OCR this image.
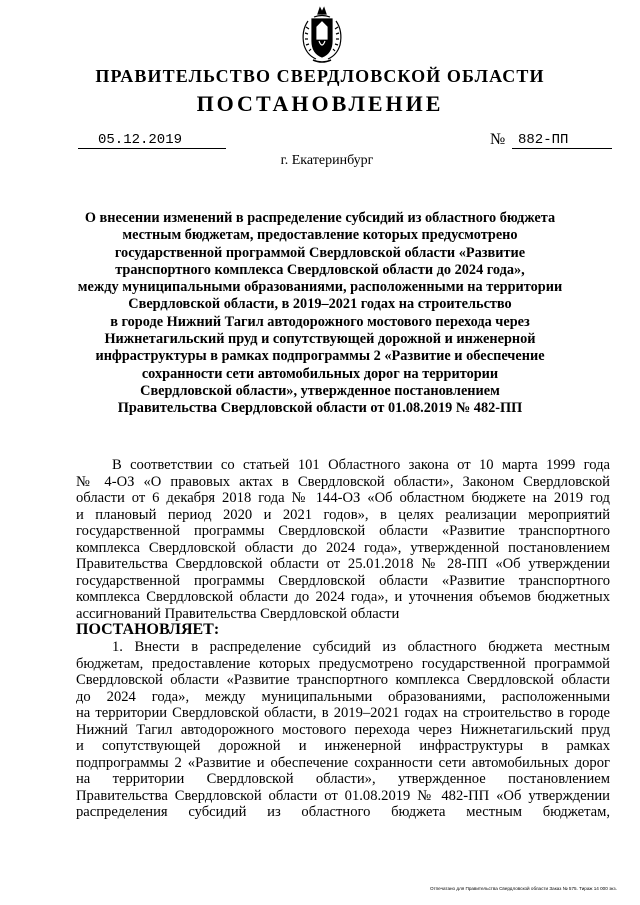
ПРАВИТЕЛЬСТВО СВЕРДЛОВСКОЙ ОБЛАСТИ
ПОСТАНОВЛЕНИЕ
05.12.2019	№ 882-ПП
г. Екатеринбург
О внесении изменений в распределение субсидий из областного бюджета
местным бюджетам, предоставление которых предусмотрено
государственной программой Свердловской области «Развитие
транспортного комплекса Свердловской области до 2024 года»,
между муниципальными образованиями, расположенными на территории
Свердловской области, в 2019–2021 годах на строительство
в городе Нижний Тагил автодорожного мостового перехода через
Нижнетагильский пруд и сопутствующей дорожной и инженерной
инфраструктуры в рамках подпрограммы 2 «Развитие и обеспечение
сохранности сети автомобильных дорог на территории
Свердловской области», утвержденное постановлением
Правительства Свердловской области от 01.08.2019 № 482-ПП
В соответствии со статьей 101 Областного закона от 10 марта 1999 года
№ 4-ОЗ «О правовых актах в Свердловской области», Законом Свердловской
области от 6 декабря 2018 года № 144-ОЗ «Об областном бюджете на 2019 год
и плановый период 2020 и 2021 годов», в целях реализации мероприятий
государственной программы Свердловской области «Развитие транспортного
комплекса Свердловской области до 2024 года», утвержденной постановлением
Правительства Свердловской области от 25.01.2018 № 28-ПП «Об утверждении
государственной программы Свердловской области «Развитие транспортного
комплекса Свердловской области до 2024 года», и уточнения объемов бюджетных
ассигнований Правительства Свердловской области
ПОСТАНОВЛЯЕТ:
1. Внести в распределение субсидий из областного бюджета местным
бюджетам, предоставление которых предусмотрено государственной программой
Свердловской области «Развитие транспортного комплекса Свердловской области
до 2024 года», между муниципальными образованиями, расположенными
на территории Свердловской области, в 2019–2021 годах на строительство в городе
Нижний Тагил автодорожного мостового перехода через Нижнетагильский пруд
и сопутствующей дорожной и инженерной инфраструктуры в рамках
подпрограммы 2 «Развитие и обеспечение сохранности сети автомобильных дорог
на территории Свердловской области», утвержденное постановлением
Правительства Свердловской области от 01.08.2019 № 482-ПП «Об утверждении
распределения субсидий из областного бюджета местным бюджетам,
Отпечатано для Правительства Свердловской области Заказ № 575. Тираж 14 000 экз.
